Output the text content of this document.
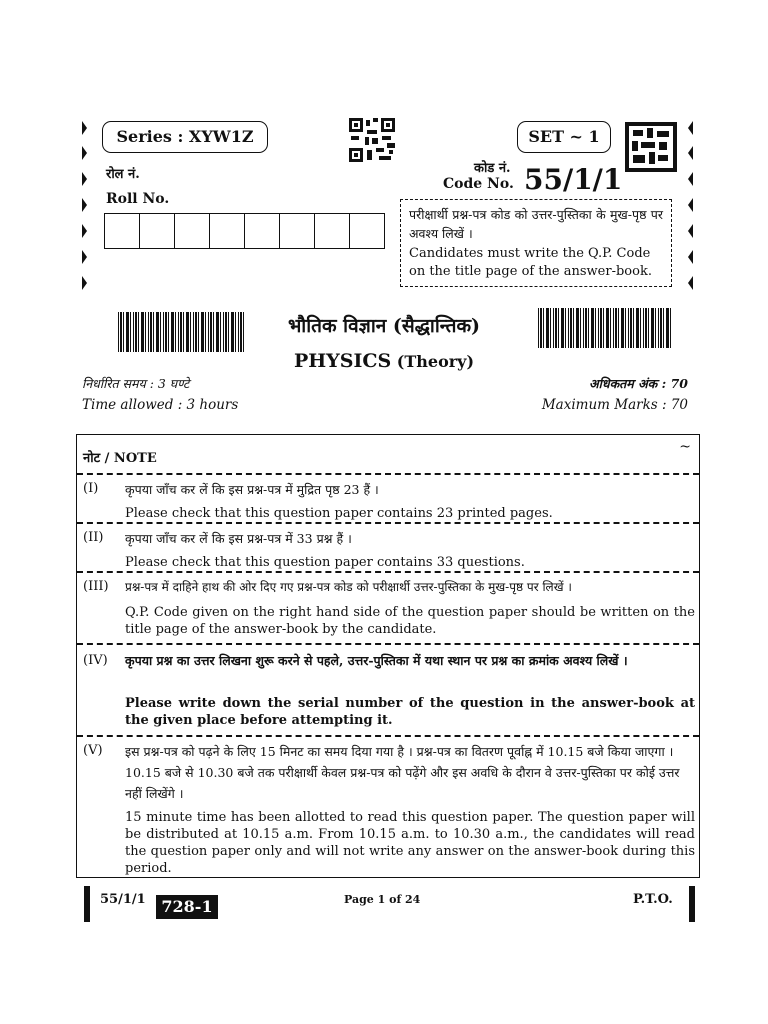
Series : XYW1Z	SET ~ 1
रोल नं.
Roll No.
कोड नं.
Code No. 55/1/1
परीक्षार्थी प्रश्न-पत्र कोड को उत्तर-पुस्तिका के मुख-पृष्ठ पर अवश्य लिखें ।
Candidates must write the Q.P. Code on the title page of the answer-book.
भौतिक विज्ञान (सैद्धान्तिक)
PHYSICS (Theory)
निर्धारित समय : 3 घण्टे
Time allowed : 3 hours
अधिकतम अंक : 70
Maximum Marks : 70
नोट / NOTE
~
(I) कृपया जाँच कर लें कि इस प्रश्न-पत्र में मुद्रित पृष्ठ 23 हैं ।
Please check that this question paper contains 23 printed pages.
(II) कृपया जाँच कर लें कि इस प्रश्न-पत्र में 33 प्रश्न हैं ।
Please check that this question paper contains 33 questions.
(III) प्रश्न-पत्र में दाहिने हाथ की ओर दिए गए प्रश्न-पत्र कोड को परीक्षार्थी उत्तर-पुस्तिका के मुख-पृष्ठ पर लिखें ।
Q.P. Code given on the right hand side of the question paper should be written on the title page of the answer-book by the candidate.
(IV) कृपया प्रश्न का उत्तर लिखना शुरू करने से पहले, उत्तर-पुस्तिका में यथा स्थान पर प्रश्न का क्रमांक अवश्य लिखें ।
Please write down the serial number of the question in the answer-book at the given place before attempting it.
(V) इस प्रश्न-पत्र को पढ़ने के लिए 15 मिनट का समय दिया गया है । प्रश्न-पत्र का वितरण पूर्वाह्न में 10.15 बजे किया जाएगा । 10.15 बजे से 10.30 बजे तक परीक्षार्थी केवल प्रश्न-पत्र को पढ़ेंगे और इस अवधि के दौरान वे उत्तर-पुस्तिका पर कोई उत्तर नहीं लिखेंगे ।
15 minute time has been allotted to read this question paper. The question paper will be distributed at 10.15 a.m. From 10.15 a.m. to 10.30 a.m., the candidates will read the question paper only and will not write any answer on the answer-book during this period.
55/1/1 728-1	Page 1 of 24	P.T.O.
